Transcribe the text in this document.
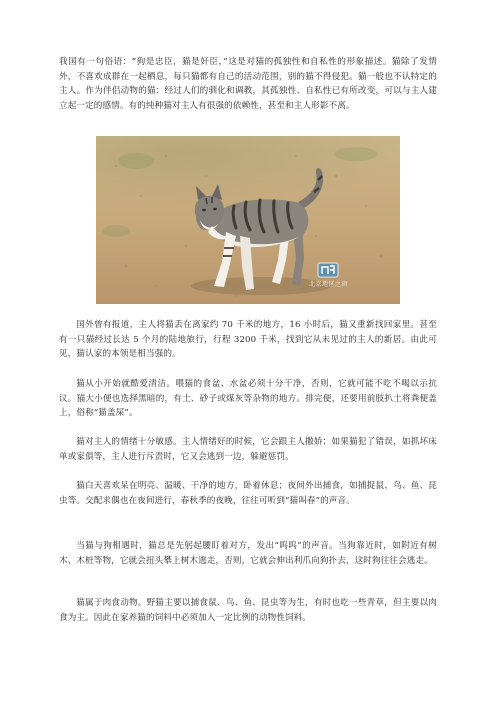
我国有一句俗语：“狗是忠臣，猫是奸臣，”这是对猫的孤独性和自私性的形象描述。猫除了发情外，不喜欢成群在一起栖息，每只猫都有自己的活动范围，别的猫不得侵犯。猫一般也不认特定的主人。作为伴侣动物的猫：经过人们的驯化和调教，其孤独性、自私性已有所改变，可以与主人建立起一定的感情。有的纯种猫对主人有很强的依赖性，甚至和主人形影不离。

北京地区之窗

国外曾有报道，主人将猫丢在离家约 70 千米的地方，16 小时后，猫又重新找回家里。甚至有一只猫经过长达 5 个月的陆地旅行，行程 3200 千米，找到它从未见过的主人的新居。由此可见，猫认家的本领是相当强的。

猫从小开始就酷爱清洁。喂猫的食盆、水盆必须十分干净，否则，它就可能不吃不喝以示抗议。猫大小便也选择黑暗的，有土、砂子或煤灰等杂物的地方。排完便，还要用前肢扒土将粪便盖上，俗称“猫盖屎”。

猫对主人的情绪十分敏感。主人情绪好的时候，它会跟主人撒娇；如果猫犯了错误，如抓坏床单或家俱等，主人进行斥责时，它又会逃到一边，躲避惩罚。

猫白天喜欢呆在明亮、温暖、干净的地方，卧着休息；夜间外出捕食，如捕捉鼠、鸟、鱼、昆虫等。交配求偶也在夜间进行，春秋季的夜晚，往往可听到“猫叫春”的声音。

当猫与狗相遇时，猫总是先躬起腰盯着对方，发出“呜呜”的声音。当狗靠近时，如附近有树木、木桩等物，它就会扭头攀上树木逃走，否则，它就会伸出利爪向狗扑去，这时狗往往会逃走。

猫属于肉食动物。野猫主要以捕食鼠、鸟、鱼、昆虫等为生，有时也吃一些青草，但主要以肉食为主。因此在家养猫的饲料中必须加入一定比例的动物性饲料。
